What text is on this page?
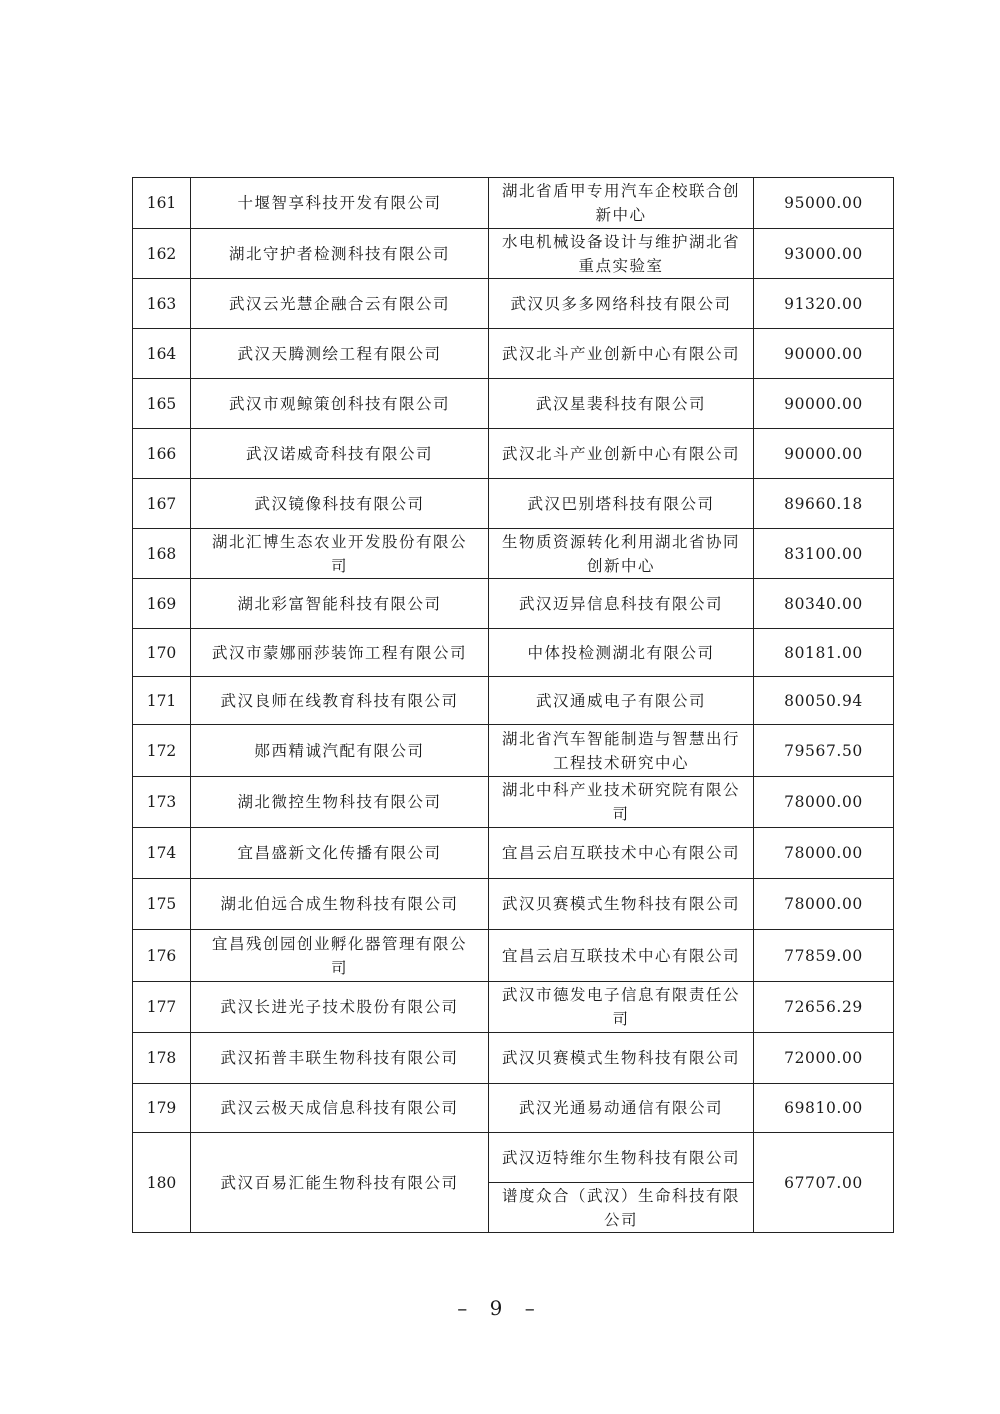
161	十堰智享科技开发有限公司	湖北省盾甲专用汽车企校联合创新中心	95000.00
162	湖北守护者检测科技有限公司	水电机械设备设计与维护湖北省重点实验室	93000.00
163	武汉云光慧企融合云有限公司	武汉贝多多网络科技有限公司	91320.00
164	武汉天腾测绘工程有限公司	武汉北斗产业创新中心有限公司	90000.00
165	武汉市观鲸策创科技有限公司	武汉星裴科技有限公司	90000.00
166	武汉诺威奇科技有限公司	武汉北斗产业创新中心有限公司	90000.00
167	武汉镜像科技有限公司	武汉巴别塔科技有限公司	89660.18
168	湖北汇博生态农业开发股份有限公司	生物质资源转化利用湖北省协同创新中心	83100.00
169	湖北彩富智能科技有限公司	武汉迈异信息科技有限公司	80340.00
170	武汉市蒙娜丽莎装饰工程有限公司	中体投检测湖北有限公司	80181.00
171	武汉良师在线教育科技有限公司	武汉通威电子有限公司	80050.94
172	郧西精诚汽配有限公司	湖北省汽车智能制造与智慧出行工程技术研究中心	79567.50
173	湖北微控生物科技有限公司	湖北中科产业技术研究院有限公司	78000.00
174	宜昌盛新文化传播有限公司	宜昌云启互联技术中心有限公司	78000.00
175	湖北伯远合成生物科技有限公司	武汉贝赛模式生物科技有限公司	78000.00
176	宜昌残创园创业孵化器管理有限公司	宜昌云启互联技术中心有限公司	77859.00
177	武汉长进光子技术股份有限公司	武汉市德发电子信息有限责任公司	72656.29
178	武汉拓普丰联生物科技有限公司	武汉贝赛模式生物科技有限公司	72000.00
179	武汉云极天成信息科技有限公司	武汉光通易动通信有限公司	69810.00
180	武汉百易汇能生物科技有限公司	武汉迈特维尔生物科技有限公司	67707.00
		谱度众合（武汉）生命科技有限公司	
– 9 –
